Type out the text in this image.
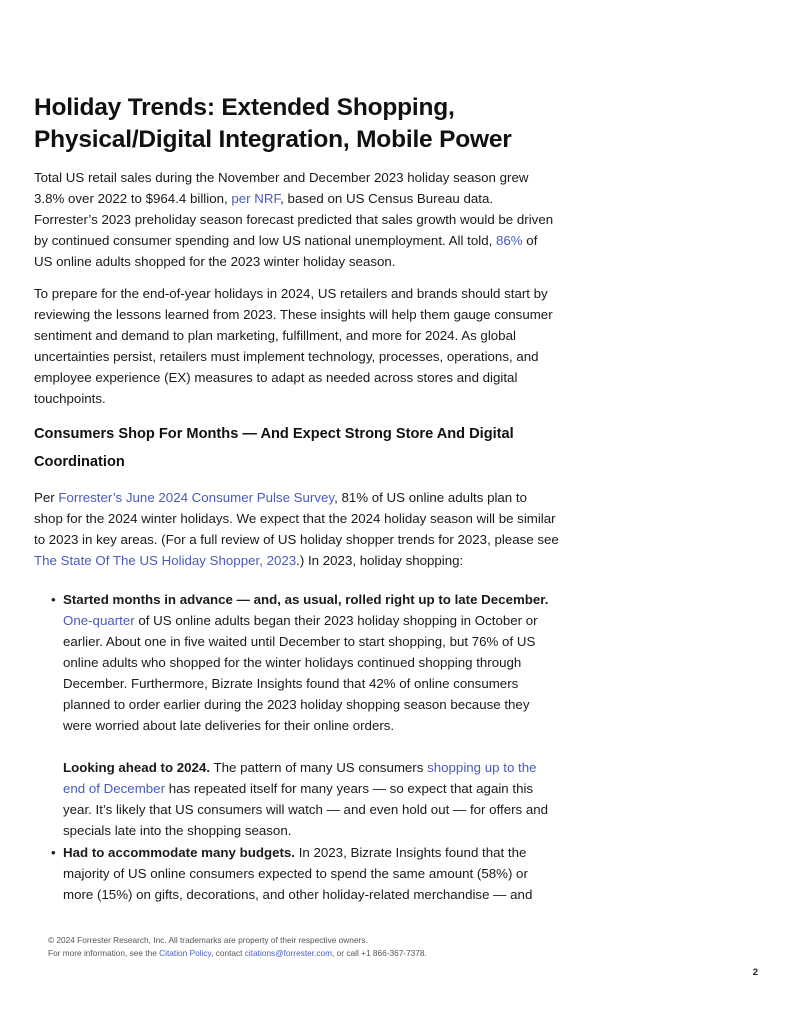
Holiday Trends: Extended Shopping, Physical/Digital Integration, Mobile Power

Total US retail sales during the November and December 2023 holiday season grew 3.8% over 2022 to $964.4 billion, per NRF, based on US Census Bureau data. Forrester’s 2023 preholiday season forecast predicted that sales growth would be driven by continued consumer spending and low US national unemployment. All told, 86% of US online adults shopped for the 2023 winter holiday season.

To prepare for the end-of-year holidays in 2024, US retailers and brands should start by reviewing the lessons learned from 2023. These insights will help them gauge consumer sentiment and demand to plan marketing, fulfillment, and more for 2024. As global uncertainties persist, retailers must implement technology, processes, operations, and employee experience (EX) measures to adapt as needed across stores and digital touchpoints.

Consumers Shop For Months — And Expect Strong Store And Digital Coordination

Per Forrester’s June 2024 Consumer Pulse Survey, 81% of US online adults plan to shop for the 2024 winter holidays. We expect that the 2024 holiday season will be similar to 2023 in key areas. (For a full review of US holiday shopper trends for 2023, please see The State Of The US Holiday Shopper, 2023.) In 2023, holiday shopping:

• Started months in advance — and, as usual, rolled right up to late December.
One-quarter of US online adults began their 2023 holiday shopping in October or earlier. About one in five waited until December to start shopping, but 76% of US online adults who shopped for the winter holidays continued shopping through December. Furthermore, Bizrate Insights found that 42% of online consumers planned to order earlier during the 2023 holiday shopping season because they were worried about late deliveries for their online orders.
Looking ahead to 2024. The pattern of many US consumers shopping up to the end of December has repeated itself for many years — so expect that again this year. It’s likely that US consumers will watch — and even hold out — for offers and specials late into the shopping season.
• Had to accommodate many budgets. In 2023, Bizrate Insights found that the majority of US online consumers expected to spend the same amount (58%) or more (15%) on gifts, decorations, and other holiday-related merchandise — and
© 2024 Forrester Research, Inc. All trademarks are property of their respective owners.
For more information, see the Citation Policy, contact citations@forrester.com, or call +1 866-367-7378.
2
